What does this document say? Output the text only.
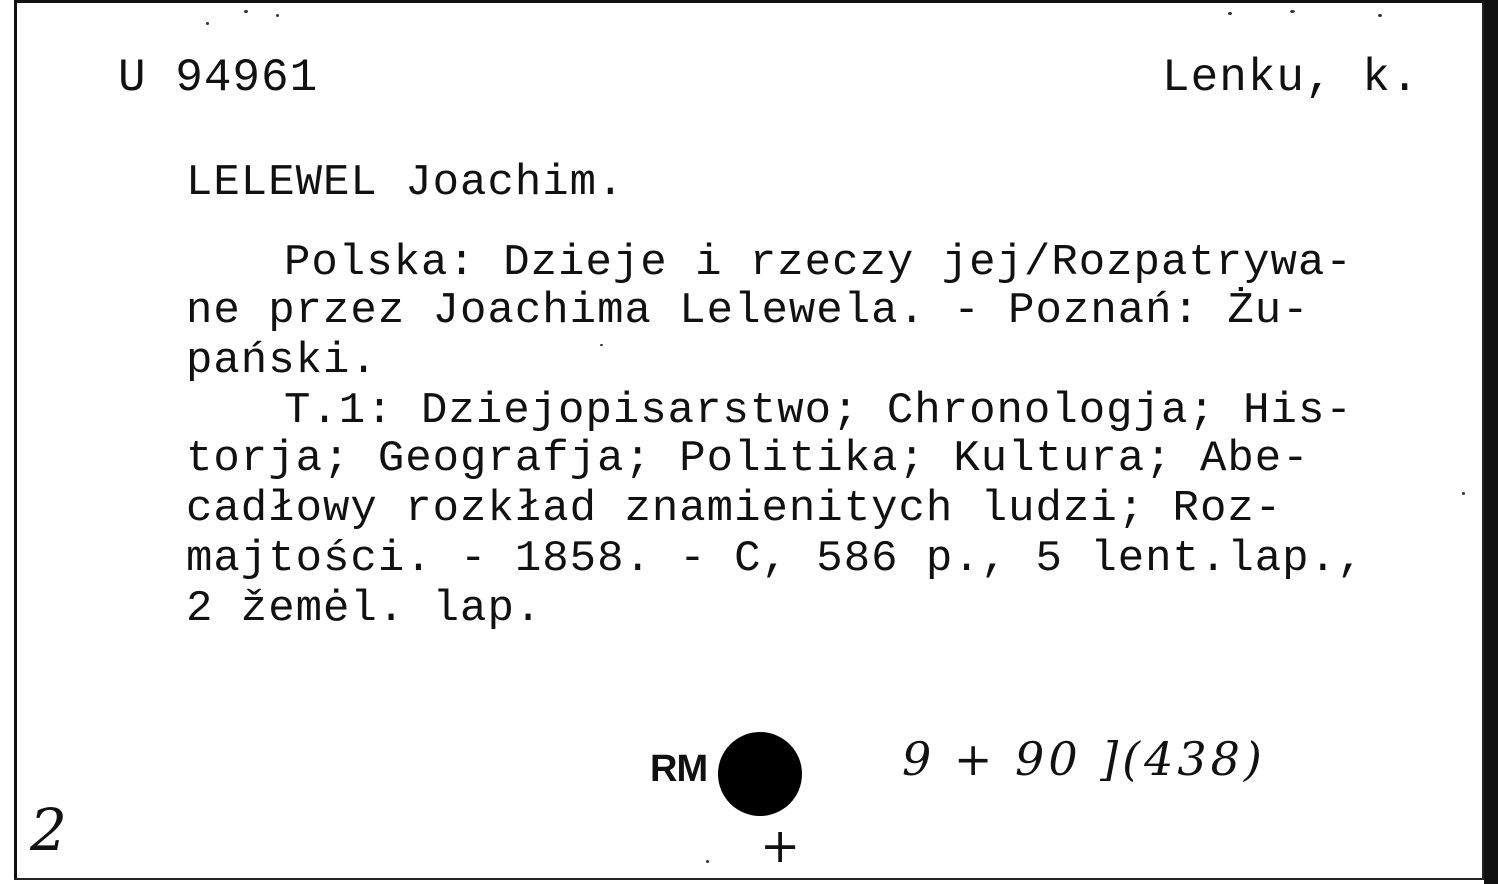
U 94961	Lenku, k.
LELEWEL Joachim.
Polska: Dzieje i rzeczy jej/Rozpatrywa-
ne przez Joachima Lelewela. - Poznań: Żu-
pański.
T.1: Dziejopisarstwo; Chronologja; His-
torja; Geografja; Politika; Kultura; Abe-
cadłowy rozkład znamienitych ludzi; Roz-
majtości. - 1858. - C, 586 p., 5 lent.lap.,
2 žemėl. lap.
RM	9 + 90 ](438)
2	+
